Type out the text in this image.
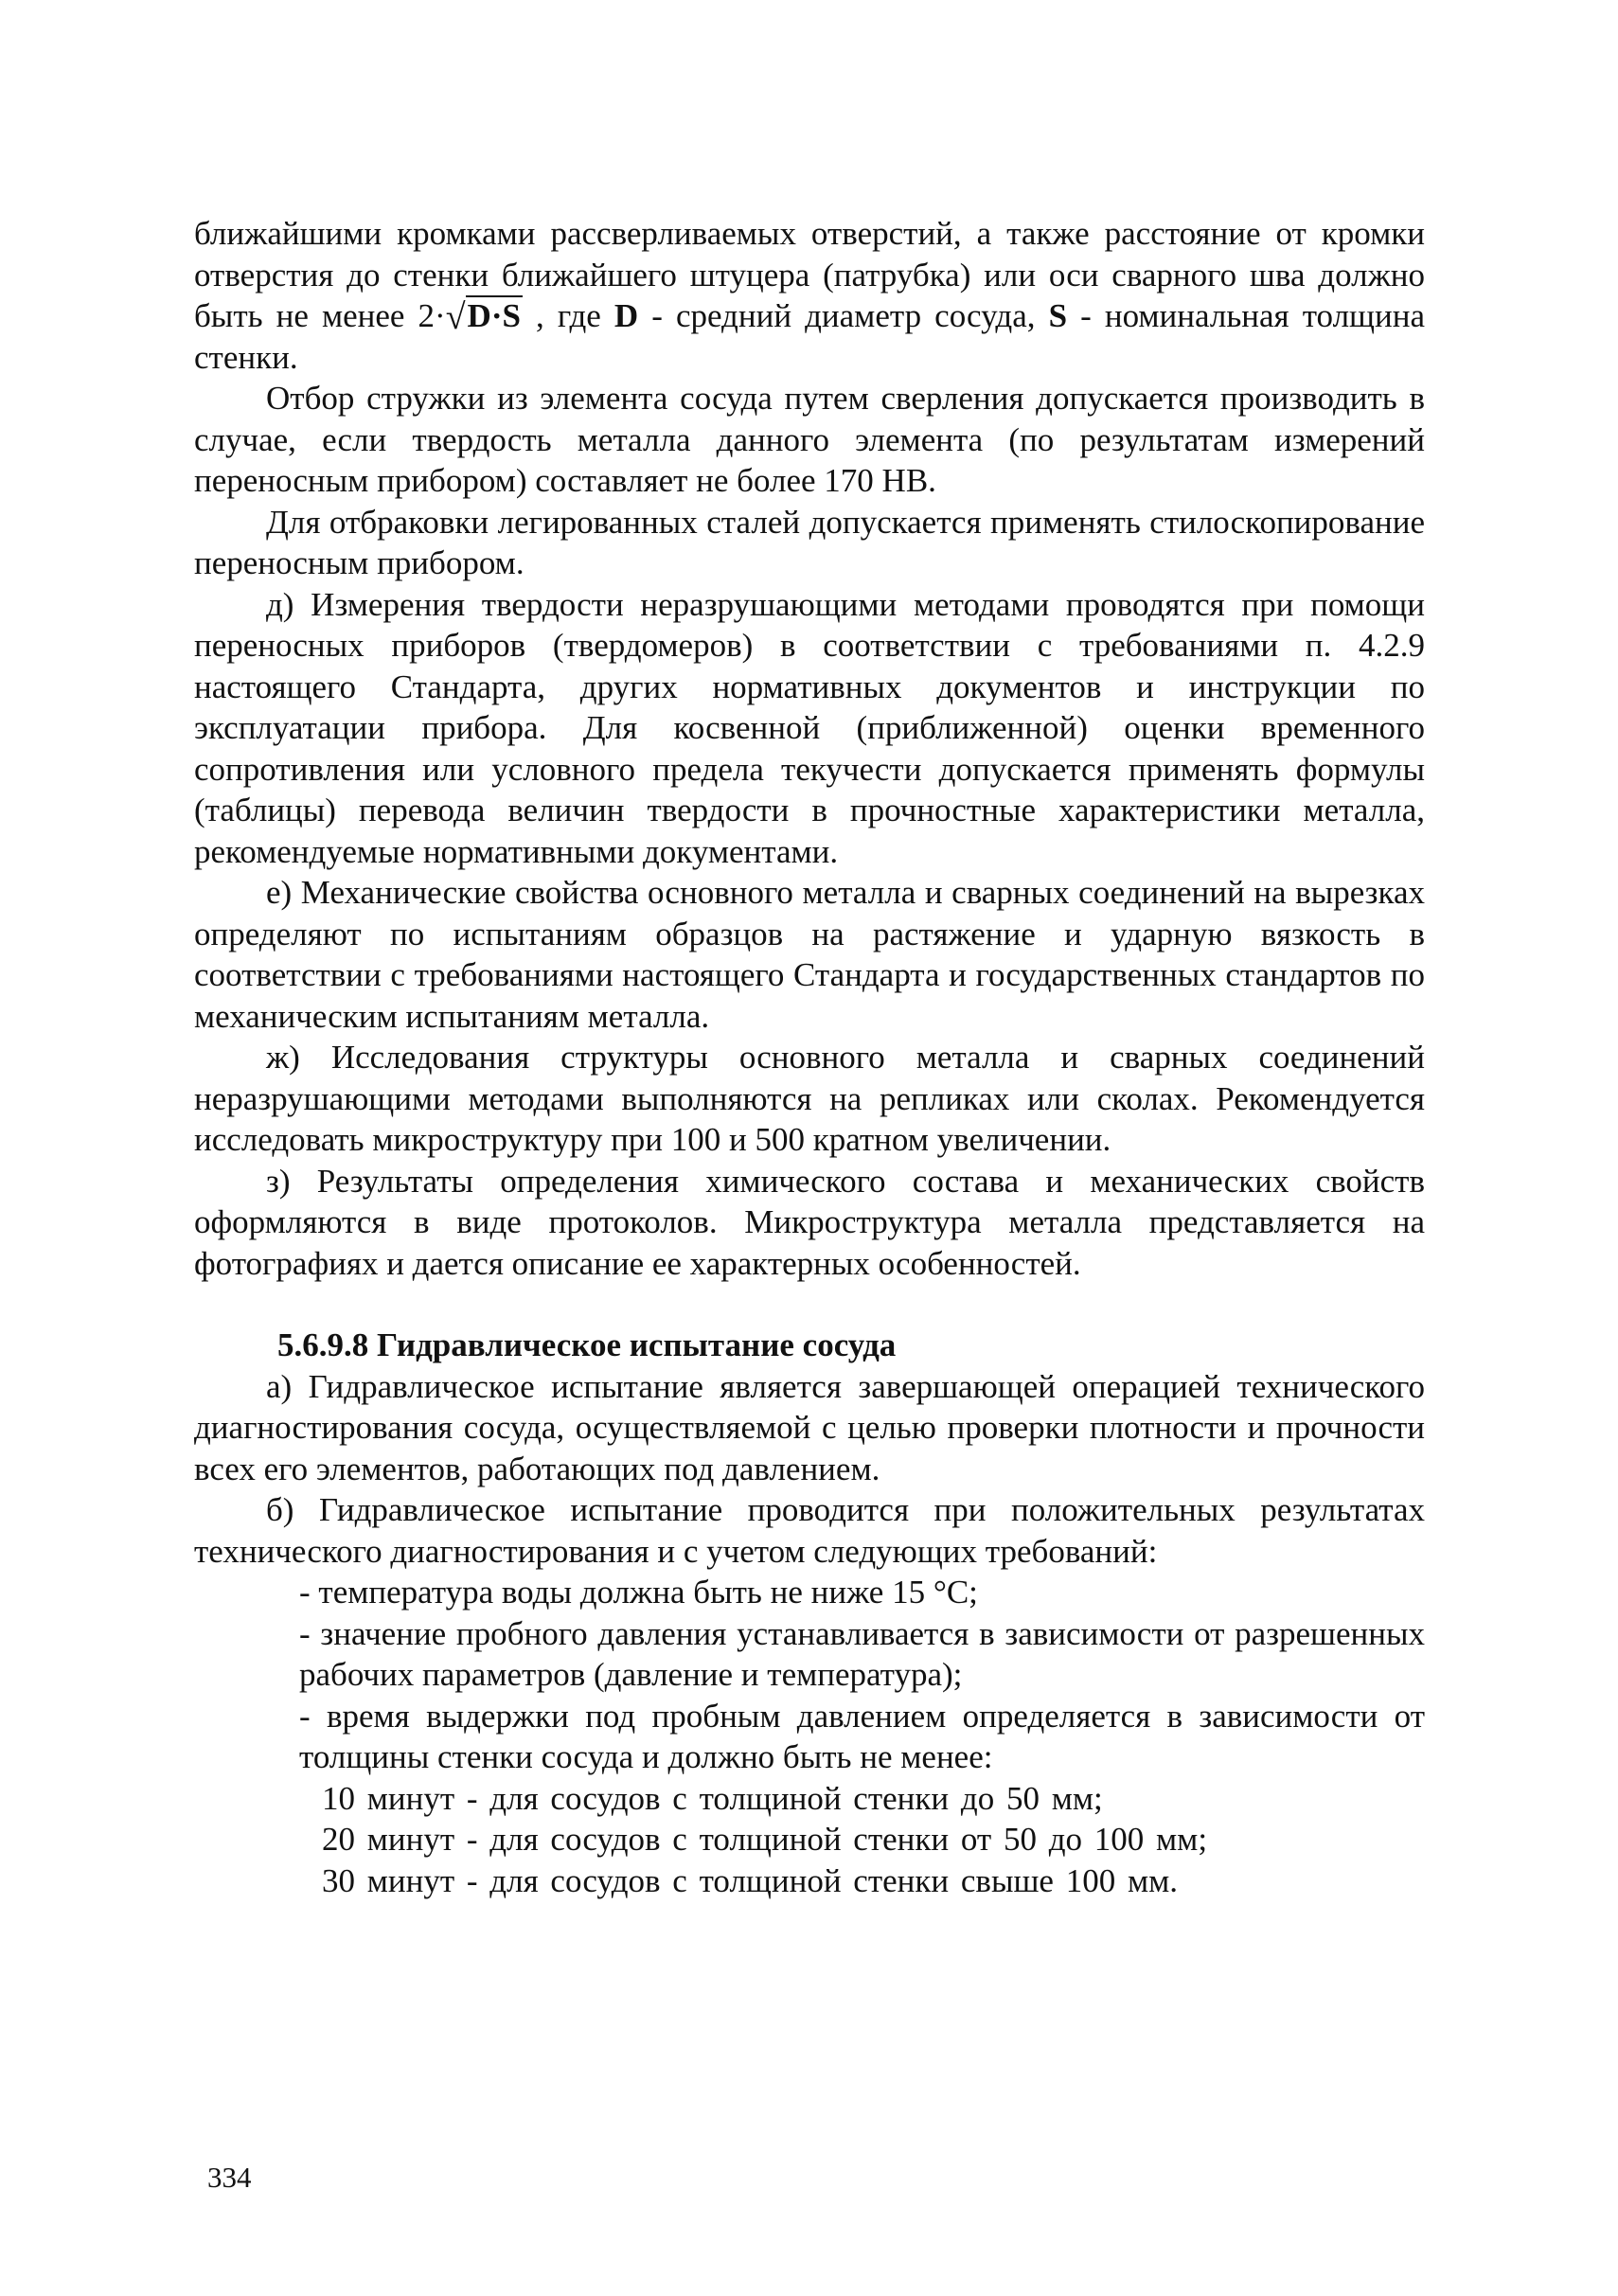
ближайшими кромками рассверливаемых отверстий, а также расстояние от кромки отверстия до стенки ближайшего штуцера (патрубка) или оси сварного шва должно быть не менее 2·√D·S , где D - средний диаметр сосуда, S - номинальная толщина стенки.

Отбор стружки из элемента сосуда путем сверления допускается производить в случае, если твердость металла данного элемента (по результатам измерений переносным прибором) составляет не более 170 НВ.

Для отбраковки легированных сталей допускается применять стилоскопирование переносным прибором.

д) Измерения твердости неразрушающими методами проводятся при помощи переносных приборов (твердомеров) в соответствии с требованиями п. 4.2.9 настоящего Стандарта, других нормативных документов и инструкции по эксплуатации прибора. Для косвенной (приближенной) оценки временного сопротивления или условного предела текучести допускается применять формулы (таблицы) перевода величин твердости в прочностные характеристики металла, рекомендуемые нормативными документами.

е) Механические свойства основного металла и сварных соединений на вырезках определяют по испытаниям образцов на растяжение и ударную вязкость в соответствии с требованиями настоящего Стандарта и государственных стандартов по механическим испытаниям металла.

ж) Исследования структуры основного металла и сварных соединений неразрушающими методами выполняются на репликах или сколах. Рекомендуется исследовать микроструктуру при 100 и 500 кратном увеличении.

з) Результаты определения химического состава и механических свойств оформляются в виде протоколов. Микроструктура металла представляется на фотографиях и дается описание ее характерных особенностей.

5.6.9.8 Гидравлическое испытание сосуда

а) Гидравлическое испытание является завершающей операцией технического диагностирования сосуда, осуществляемой с целью проверки плотности и прочности всех его элементов, работающих под давлением.

б) Гидравлическое испытание проводится при положительных результатах технического диагностирования и с учетом следующих требований:

- температура воды должна быть не ниже 15 °С;
- значение пробного давления устанавливается в зависимости от разрешенных рабочих параметров (давление и температура);
- время выдержки под пробным давлением определяется в зависимости от толщины стенки сосуда и должно быть не менее:
10 минут - для сосудов с толщиной стенки до 50 мм;
20 минут - для сосудов с толщиной стенки от 50 до 100 мм;
30 минут - для сосудов с толщиной стенки свыше 100 мм.
334
